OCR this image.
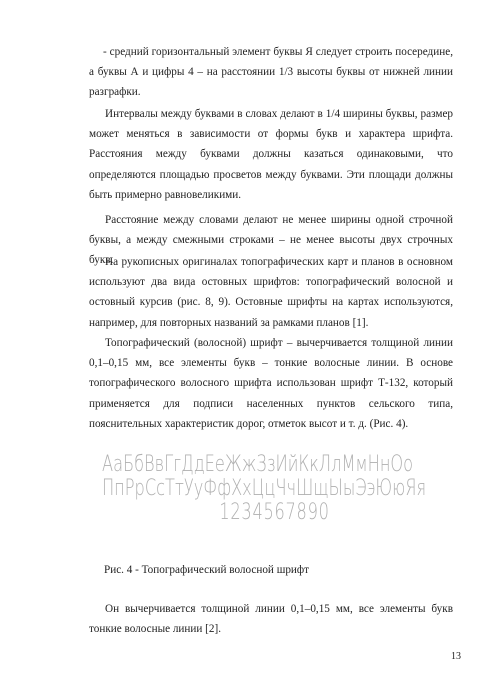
- средний горизонтальный элемент буквы Я следует строить посередине, а буквы А и цифры 4 – на расстоянии 1/3 высоты буквы от нижней линии разграфки.

Интервалы между буквами в словах делают в 1/4 ширины буквы, размер может меняться в зависимости от формы букв и характера шрифта. Расстояния между буквами должны казаться одинаковыми, что определяются площадью просветов между буквами. Эти площади должны быть примерно равновеликими.

Расстояние между словами делают не менее ширины одной строчной буквы, а между смежными строками – не менее высоты двух строчных букв.

На рукописных оригиналах топографических карт и планов в основном используют два вида остовных шрифтов: топографический волосной и остовный курсив (рис. 8, 9). Остовные шрифты на картах используются, например, для повторных названий за рамками планов [1].

Топографический (волосной) шрифт – вычерчивается толщиной линии 0,1–0,15 мм, все элементы букв – тонкие волосные линии. В основе топографического волосного шрифта использован шрифт Т-132, который применяется для подписи населенных пунктов сельского типа, пояснительных характеристик дорог, отметок высот и т. д. (Рис. 4).

АаБбВвГгДдЕеЖжЗзИйКкЛлМмНнОо
ПпРрСсТтУуФфХхЦцЧчШщЫыЭэЮюЯя
1234567890

Рис. 4 - Топографический волосной шрифт

Он вычерчивается толщиной линии 0,1–0,15 мм, все элементы букв тонкие волосные линии [2].

13
